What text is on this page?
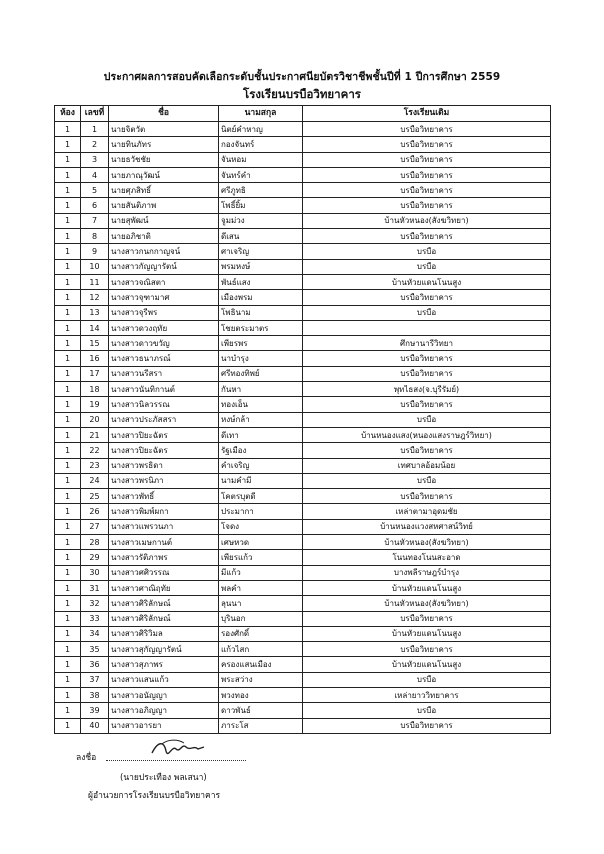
ประกาศผลการสอบคัดเลือกระดับชั้นประกาศนียบัตรวิชาชีพชั้นปีที่ 1 ปีการศึกษา 2559
โรงเรียนบรบือวิทยาคาร
ห้อง	เลขที่	ชื่อ	นามสกุล	โรงเรียนเดิม
1	1	นายจิตวัต	นิตย์คำหาญ	บรบือวิทยาคาร
1	2	นายทินภัทร	กองจันทร์	บรบือวิทยาคาร
1	3	นายธวัชชัย	จันหอม	บรบือวิทยาคาร
1	4	นายภาณุวัฒน์	จันทร์คำ	บรบือวิทยาคาร
1	5	นายศุภสิทธิ์	ศรีภูทธิ	บรบือวิทยาคาร
1	6	นายสันติภาพ	โพธิ์ยิ้ม	บรบือวิทยาคาร
1	7	นายสุพัฒน์	จูมม่วง	บ้านหัวหนอง(สังฆวิทยา)
1	8	นายอภิชาติ	ดีเสน	บรบือวิทยาคาร
1	9	นางสาวกนกกาญจน์	ศาเจริญ	บรบือ
1	10	นางสาวกัญญารัตน์	พรมหงษ์	บรบือ
1	11	นางสาวจณิสตา	พันธ์แสง	บ้านหัวยแดนโนนสูง
1	12	นางสาวจุฑามาศ	เมืองพรม	บรบือวิทยาคาร
1	13	นางสาวจุรีพร	โพธินาม	บรบือ
1	14	นางสาวดวงฤทัย	โชยตระมาตร	
1	15	นางสาวดาวขวัญ	เพียรพร	ศึกษานารีวิทยา
1	16	นางสาวธนาภรณ์	นาบำรุง	บรบือวิทยาคาร
1	17	นางสาวนรีสรา	ศรีทองทิพย์	บรบือวิทยาคาร
1	18	นางสาวนันทิกานต์	กันหา	พุทไธสง(จ.บุรีรัมย์)
1	19	นางสาวนิลวรรณ	ทองเอ็น	บรบือวิทยาคาร
1	20	นางสาวประภัสสรา	หงษ์กล้า	บรบือ
1	21	นางสาวปิยะฉัตร	ดีเทา	บ้านหนองแสง(หนองแสงราษฎร์วิทยา)
1	22	นางสาวปิยะฉัตร	รัฐเมือง	บรบือวิทยาคาร
1	23	นางสาวพรธิดา	คำเจริญ	เทศบาลอ้อมน้อย
1	24	นางสาวพรนิภา	นามคำมี	บรบือ
1	25	นางสาวพัทธิ์	โคตรบุตดี	บรบือวิทยาคาร
1	26	นางสาวพิมพ์ผกา	ประมากา	เหล่าตามาอุดมชัย
1	27	นางสาวแพรวนภา	โจดง	บ้านหนองแวงสหศาสน์วิทย์
1	28	นางสาวเมษกานต์	เศษหวด	บ้านหัวหนอง(สังฆวิทยา)
1	29	นางสาวรัติภาพร	เพียรแก้ว	โนนทองโนนสะอาด
1	30	นางสาวศศิวรรณ	มีแก้ว	บางพลีราษฎร์บำรุง
1	31	นางสาวศาณิฤทัย	พลคำ	บ้านหัวยแดนโนนสูง
1	32	นางสาวศิริลักษณ์	ลุนนา	บ้านหัวหนอง(สังฆวิทยา)
1	33	นางสาวศิริลักษณ์	บุรินอก	บรบือวิทยาคาร
1	34	นางสาวศิริวิมล	รองศักดิ์	บ้านหัวยแดนโนนสูง
1	35	นางสาวสุกัญญารัตน์	แก้วไสก	บรบือวิทยาคาร
1	36	นางสาวสุภาพร	ครองแสนเมือง	บ้านหัวยแดนโนนสูง
1	37	นางสาวแสนแก้ว	พระสว่าง	บรบือ
1	38	นางสาวอนัญญา	พวงทอง	เหล่ายาววิทยาคาร
1	39	นางสาวอภิญญา	ดาวพันธ์	บรบือ
1	40	นางสาวอารยา	ภาระโส	บรบือวิทยาคาร
ลงชื่อ
(นายประเทือง พลเสนา)
ผู้อำนวยการโรงเรียนบรบือวิทยาคาร
